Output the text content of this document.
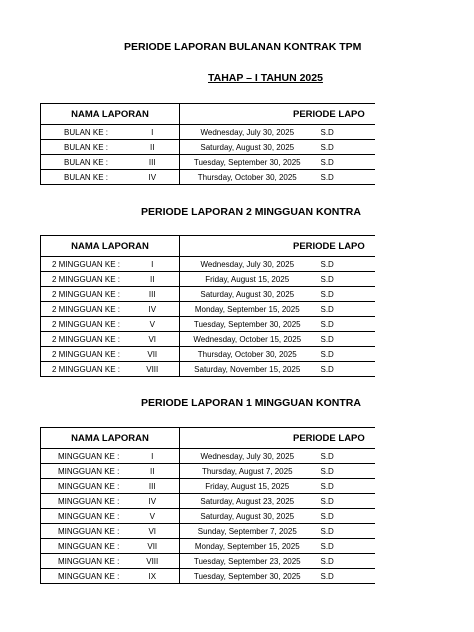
PERIODE LAPORAN BULANAN KONTRAK TPM
TAHAP – I TAHUN 2025
NAMA LAPORAN		PERIODE LAPO	
BULAN KE :	I	Wednesday, July 30, 2025	S.D
BULAN KE :	II	Saturday, August 30, 2025	S.D
BULAN KE :	III	Tuesday, September 30, 2025	S.D
BULAN KE :	IV	Thursday, October 30, 2025	S.D
PERIODE LAPORAN 2 MINGGUAN KONTRA
NAMA LAPORAN		PERIODE LAPO	
2 MINGGUAN KE :	I	Wednesday, July 30, 2025	S.D
2 MINGGUAN KE :	II	Friday, August 15, 2025	S.D
2 MINGGUAN KE :	III	Saturday, August 30, 2025	S.D
2 MINGGUAN KE :	IV	Monday, September 15, 2025	S.D
2 MINGGUAN KE :	V	Tuesday, September 30, 2025	S.D
2 MINGGUAN KE :	VI	Wednesday, October 15, 2025	S.D
2 MINGGUAN KE :	VII	Thursday, October 30, 2025	S.D
2 MINGGUAN KE :	VIII	Saturday, November 15, 2025	S.D
PERIODE LAPORAN 1 MINGGUAN KONTRA
NAMA LAPORAN		PERIODE LAPO	
MINGGUAN KE :	I	Wednesday, July 30, 2025	S.D
MINGGUAN KE :	II	Thursday, August 7, 2025	S.D
MINGGUAN KE :	III	Friday, August 15, 2025	S.D
MINGGUAN KE :	IV	Saturday, August 23, 2025	S.D
MINGGUAN KE :	V	Saturday, August 30, 2025	S.D
MINGGUAN KE :	VI	Sunday, September 7, 2025	S.D
MINGGUAN KE :	VII	Monday, September 15, 2025	S.D
MINGGUAN KE :	VIII	Tuesday, September 23, 2025	S.D
MINGGUAN KE :	IX	Tuesday, September 30, 2025	S.D
